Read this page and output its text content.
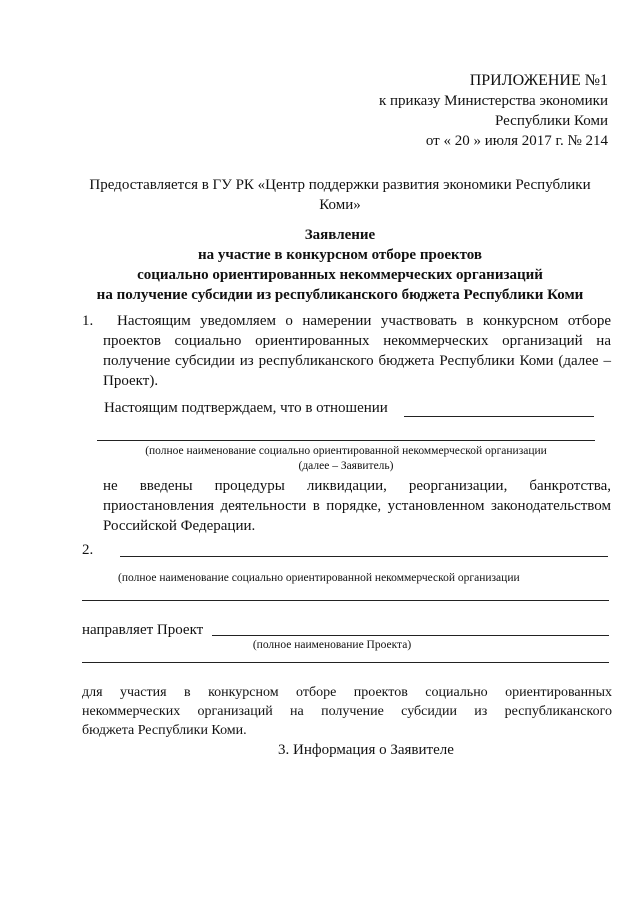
ПРИЛОЖЕНИЕ №1
к приказу Министерства экономики
Республики Коми
от « 20 » июля 2017 г. № 214
Предоставляется в ГУ РК «Центр поддержки развития экономики Республики
Коми»
Заявление
на участие в конкурсном отборе проектов
социально ориентированных некоммерческих организаций
на получение субсидии из республиканского бюджета Республики Коми
1.	Настоящим уведомляем о намерении участвовать в конкурсном отборе
проектов социально ориентированных некоммерческих организаций на
получение субсидии из республиканского бюджета Республики Коми (далее –
Проект).
Настоящим подтверждаем, что в отношении
(полное наименование социально ориентированной некоммерческой организации
(далее – Заявитель)
не введены процедуры ликвидации, реорганизации, банкротства,
приостановления деятельности в порядке, установленном законодательством
Российской Федерации.
2.
(полное наименование социально ориентированной некоммерческой организации
направляет Проект
(полное наименование Проекта)
для участия в конкурсном отборе проектов социально ориентированных
некоммерческих организаций на получение субсидии из республиканского
бюджета Республики Коми.
3. Информация о Заявителе
